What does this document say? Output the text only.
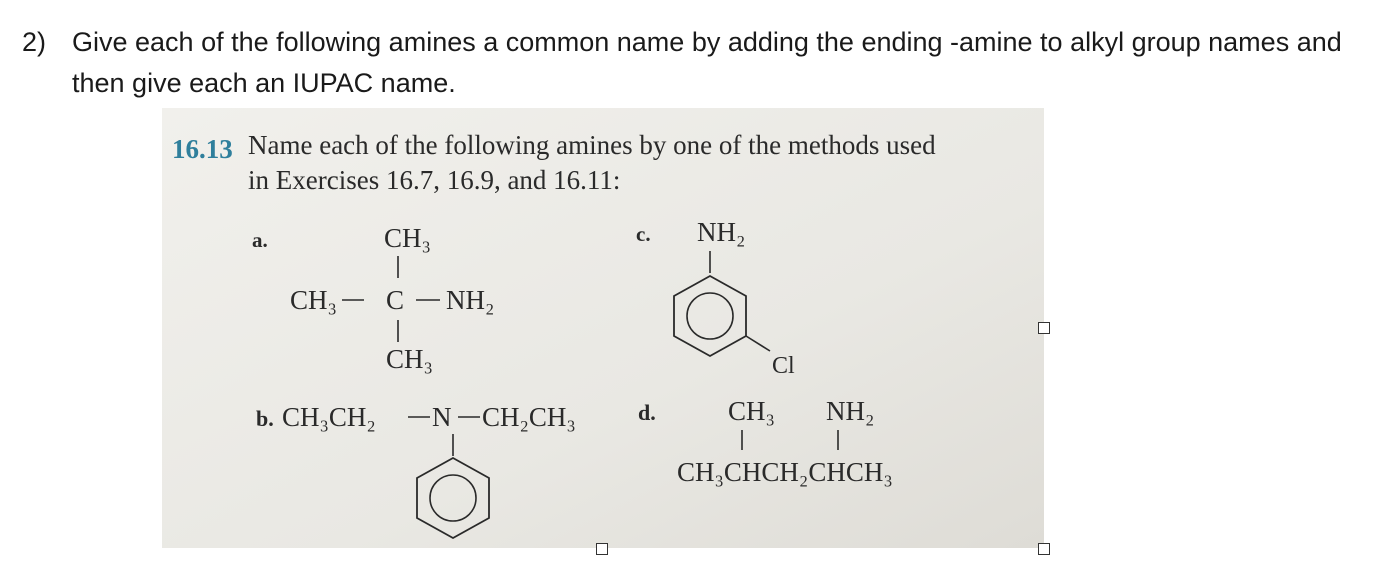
2) Give each of the following amines a common name by adding the ending -amine to alkyl group names and then give each an IUPAC name.
16.13 Name each of the following amines by one of the methods used
in Exercises 16.7, 16.9, and 16.11:
a.	CH₃
CH₃ C NH₂
CH₃
c. NH₂
Cl
b. CH₃CH₂ N CH₂CH₃	d.	CH₃ NH₂
CH₃CHCH₂CHCH₃
